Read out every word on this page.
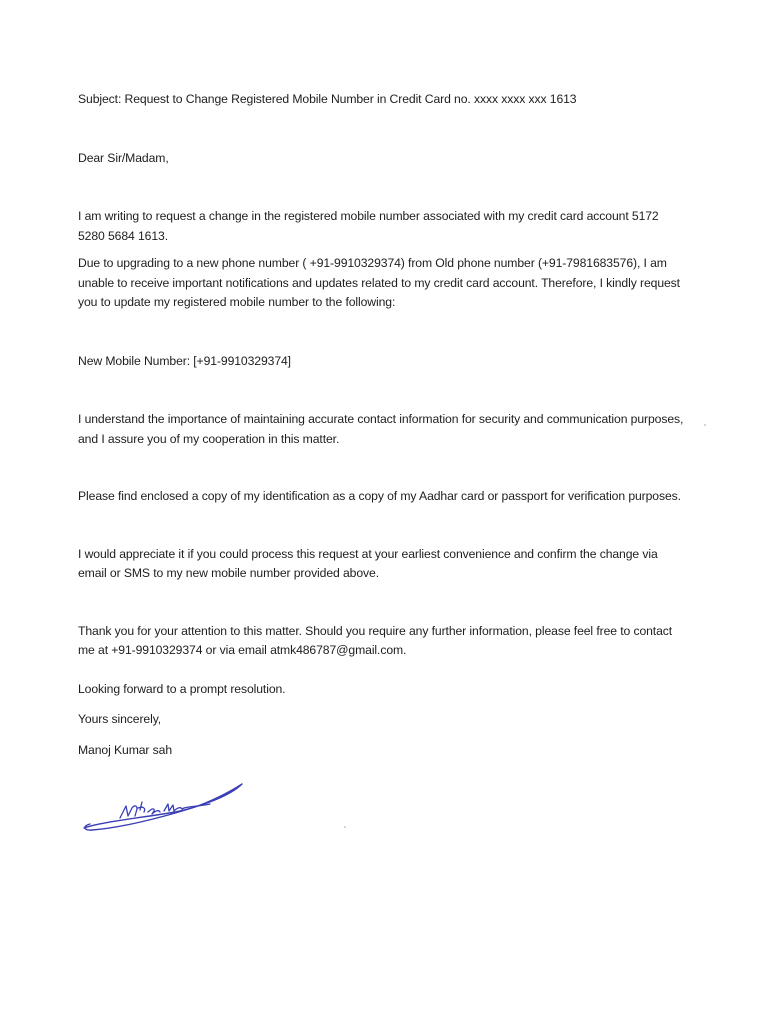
Subject: Request to Change Registered Mobile Number in Credit Card no. xxxx xxxx xxx 1613

Dear Sir/Madam,

I am writing to request a change in the registered mobile number associated with my credit card account 5172 5280 5684 1613.

Due to upgrading to a new phone number ( +91-9910329374) from Old phone number (+91-7981683576), I am unable to receive important notifications and updates related to my credit card account. Therefore, I kindly request you to update my registered mobile number to the following:

New Mobile Number: [+91-9910329374]

I understand the importance of maintaining accurate contact information for security and communication purposes, and I assure you of my cooperation in this matter.

Please find enclosed a copy of my identification as a copy of my Aadhar card or passport for verification purposes.

I would appreciate it if you could process this request at your earliest convenience and confirm the change via email or SMS to my new mobile number provided above.

Thank you for your attention to this matter. Should you require any further information, please feel free to contact me at +91-9910329374 or via email atmk486787@gmail.com.

Looking forward to a prompt resolution.

Yours sincerely,

Manoj Kumar sah
